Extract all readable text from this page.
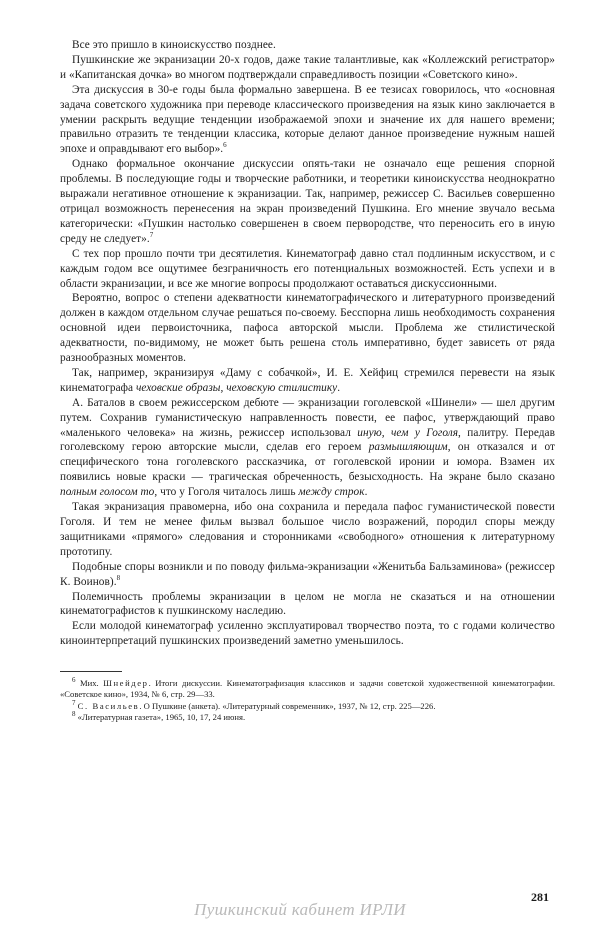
Все это пришло в киноискусство позднее.

Пушкинские же экранизации 20-х годов, даже такие талантливые, как «Коллежский регистратор» и «Капитанская дочка» во многом подтверждали справедливость позиции «Советского кино».

Эта дискуссия в 30-е годы была формально завершена. В ее тезисах говорилось, что «основная задача советского художника при переводе классического произведения на язык кино заключается в умении раскрыть ведущие тенденции изображаемой эпохи и значение их для нашего времени; правильно отразить те тенденции классика, которые делают данное произведение нужным нашей эпохе и оправдывают его выбор».$^6$

Однако формальное окончание дискуссии опять-таки не означало еще решения спорной проблемы. В последующие годы и творческие работники, и теоретики киноискусства неоднократно выражали негативное отношение к экранизации. Так, например, режиссер С. Васильев совершенно отрицал возможность перенесения на экран произведений Пушкина. Его мнение звучало весьма категорически: «Пушкин настолько совершенен в своем первородстве, что переносить его в иную среду не следует».$^7$

С тех пор прошло почти три десятилетия. Кинематограф давно стал подлинным искусством, и с каждым годом все ощутимее безграничность его потенциальных возможностей. Есть успехи и в области экранизации, и все же многие вопросы продолжают оставаться дискуссионными.

Вероятно, вопрос о степени адекватности кинематографического и литературного произведений должен в каждом отдельном случае решаться по-своему. Бесспорна лишь необходимость сохранения основной идеи первоисточника, пафоса авторской мысли. Проблема же стилистической адекватности, по-видимому, не может быть решена столь императивно, будет зависеть от ряда разнообразных моментов.

Так, например, экранизируя «Даму с собачкой», И. Е. Хейфиц стремился перевести на язык кинематографа чеховские образы, чеховскую стилистику.

А. Баталов в своем режиссерском дебюте — экранизации гоголевской «Шинели» — шел другим путем. Сохранив гуманистическую направленность повести, ее пафос, утверждающий право «маленького человека» на жизнь, режиссер использовал иную, чем у Гоголя, палитру. Передав гоголевскому герою авторские мысли, сделав его героем размышляющим, он отказался и от специфического тона гоголевского рассказчика, от гоголевской иронии и юмора. Взамен их появились новые краски — трагическая обреченность, безысходность. На экране было сказано полным голосом то, что у Гоголя читалось лишь между строк.

Такая экранизация правомерна, ибо она сохранила и передала пафос гуманистической повести Гоголя. И тем не менее фильм вызвал большое число возражений, породил споры между защитниками «прямого» следования и сторонниками «свободного» отношения к литературному прототипу.

Подобные споры возникли и по поводу фильма-экранизации «Женитьба Бальзаминова» (режиссер К. Воинов).$^8$

Полемичность проблемы экранизации в целом не могла не сказаться и на отношении кинематографистов к пушкинскому наследию.

Если молодой кинематограф усиленно эксплуатировал творчество поэта, то с годами количество киноинтерпретаций пушкинских произведений заметно уменьшилось.

$^6$ Мих. Шнейдер. Итоги дискуссии. Кинематографизация классиков и задачи советской художественной кинематографии. «Советское кино», 1934, № 6, стр. 29—33.

$^7$ С. Васильев. О Пушкине (анкета). «Литературный современник», 1937, № 12, стр. 225—226.

$^8$ «Литературная газета», 1965, 10, 17, 24 июня.

281
Пушкинский кабинет ИРЛИ
